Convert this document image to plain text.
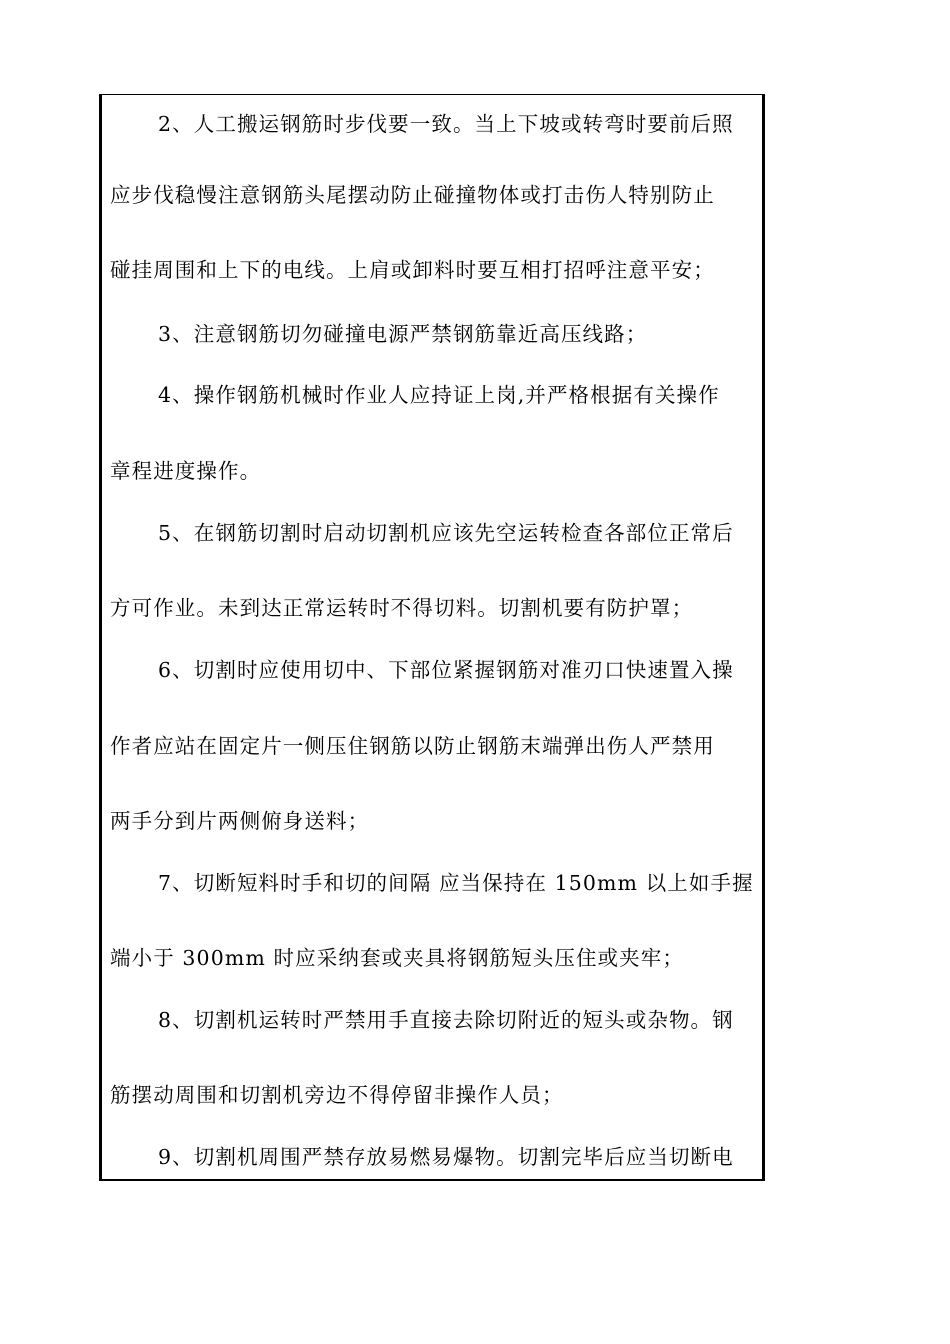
2、人工搬运钢筋时步伐要一致。当上下坡或转弯时要前后照
应步伐稳慢注意钢筋头尾摆动防止碰撞物体或打击伤人特别防止
碰挂周围和上下的电线。上肩或卸料时要互相打招呼注意平安；
3、注意钢筋切勿碰撞电源严禁钢筋靠近高压线路；
4、操作钢筋机械时作业人应持证上岗,并严格根据有关操作
章程进度操作。
5、在钢筋切割时启动切割机应该先空运转检查各部位正常后
方可作业。未到达正常运转时不得切料。切割机要有防护罩；
6、切割时应使用切中、下部位紧握钢筋对准刃口快速置入操
作者应站在固定片一侧压住钢筋以防止钢筋末端弹出伤人严禁用
两手分到片两侧俯身送料；
7、切断短料时手和切的间隔 应当保持在 150mm 以上如手握
端小于 300mm 时应采纳套或夹具将钢筋短头压住或夹牢；
8、切割机运转时严禁用手直接去除切附近的短头或杂物。钢
筋摆动周围和切割机旁边不得停留非操作人员；
9、切割机周围严禁存放易燃易爆物。切割完毕后应当切断电
